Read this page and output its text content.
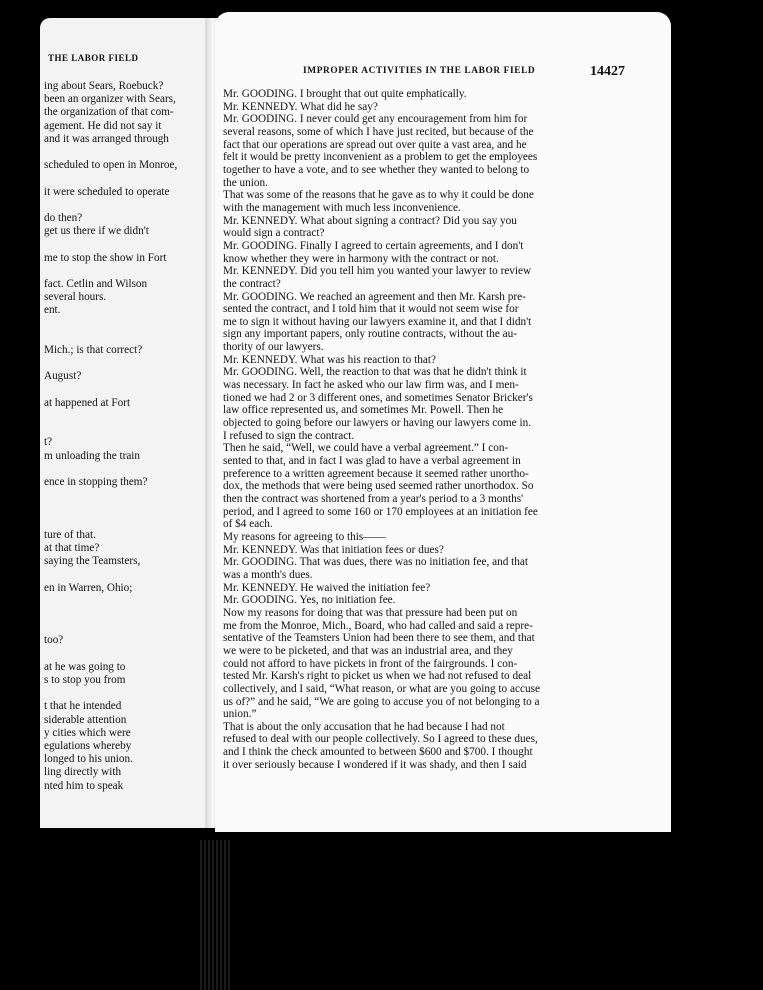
THE LABOR FIELD
ing about Sears, Roebuck?
been an organizer with Sears,
the organization of that com-
agement. He did not say it
and it was arranged through
scheduled to open in Monroe,
it were scheduled to operate
do then?
get us there if we didn't
me to stop the show in Fort
fact. Cetlin and Wilson
several hours.
ent.
Mich.; is that correct?
August?
at happened at Fort
t?
m unloading the train
ence in stopping them?
ture of that.
at that time?
saying the Teamsters,
en in Warren, Ohio;
too?
at he was going to
s to stop you from
t that he intended
siderable attention
y cities which were
egulations whereby
longed to his union.
ling directly with
nted him to speak
IMPROPER ACTIVITIES IN THE LABOR FIELD	14427
Mr. GOODING. I brought that out quite emphatically.
Mr. KENNEDY. What did he say?
Mr. GOODING. I never could get any encouragement from him for
several reasons, some of which I have just recited, but because of the
fact that our operations are spread out over quite a vast area, and he
felt it would be pretty inconvenient as a problem to get the employees
together to have a vote, and to see whether they wanted to belong to
the union.
That was some of the reasons that he gave as to why it could be done
with the management with much less inconvenience.
Mr. KENNEDY. What about signing a contract? Did you say you
would sign a contract?
Mr. GOODING. Finally I agreed to certain agreements, and I don't
know whether they were in harmony with the contract or not.
Mr. KENNEDY. Did you tell him you wanted your lawyer to review
the contract?
Mr. GOODING. We reached an agreement and then Mr. Karsh pre-
sented the contract, and I told him that it would not seem wise for
me to sign it without having our lawyers examine it, and that I didn't
sign any important papers, only routine contracts, without the au-
thority of our lawyers.
Mr. KENNEDY. What was his reaction to that?
Mr. GOODING. Well, the reaction to that was that he didn't think it
was necessary. In fact he asked who our law firm was, and I men-
tioned we had 2 or 3 different ones, and sometimes Senator Bricker's
law office represented us, and sometimes Mr. Powell. Then he
objected to going before our lawyers or having our lawyers come in.
I refused to sign the contract.
Then he said, “Well, we could have a verbal agreement.” I con-
sented to that, and in fact I was glad to have a verbal agreement in
preference to a written agreement because it seemed rather unortho-
dox, the methods that were being used seemed rather unorthodox. So
then the contract was shortened from a year's period to a 3 months'
period, and I agreed to some 160 or 170 employees at an initiation fee
of $4 each.
My reasons for agreeing to this——
Mr. KENNEDY. Was that initiation fees or dues?
Mr. GOODING. That was dues, there was no initiation fee, and that
was a month's dues.
Mr. KENNEDY. He waived the initiation fee?
Mr. GOODING. Yes, no initiation fee.
Now my reasons for doing that was that pressure had been put on
me from the Monroe, Mich., Board, who had called and said a repre-
sentative of the Teamsters Union had been there to see them, and that
we were to be picketed, and that was an industrial area, and they
could not afford to have pickets in front of the fairgrounds. I con-
tested Mr. Karsh's right to picket us when we had not refused to deal
collectively, and I said, “What reason, or what are you going to accuse
us of?” and he said, “We are going to accuse you of not belonging to a
union.”
That is about the only accusation that he had because I had not
refused to deal with our people collectively. So I agreed to these dues,
and I think the check amounted to between $600 and $700. I thought
it over seriously because I wondered if it was shady, and then I said
